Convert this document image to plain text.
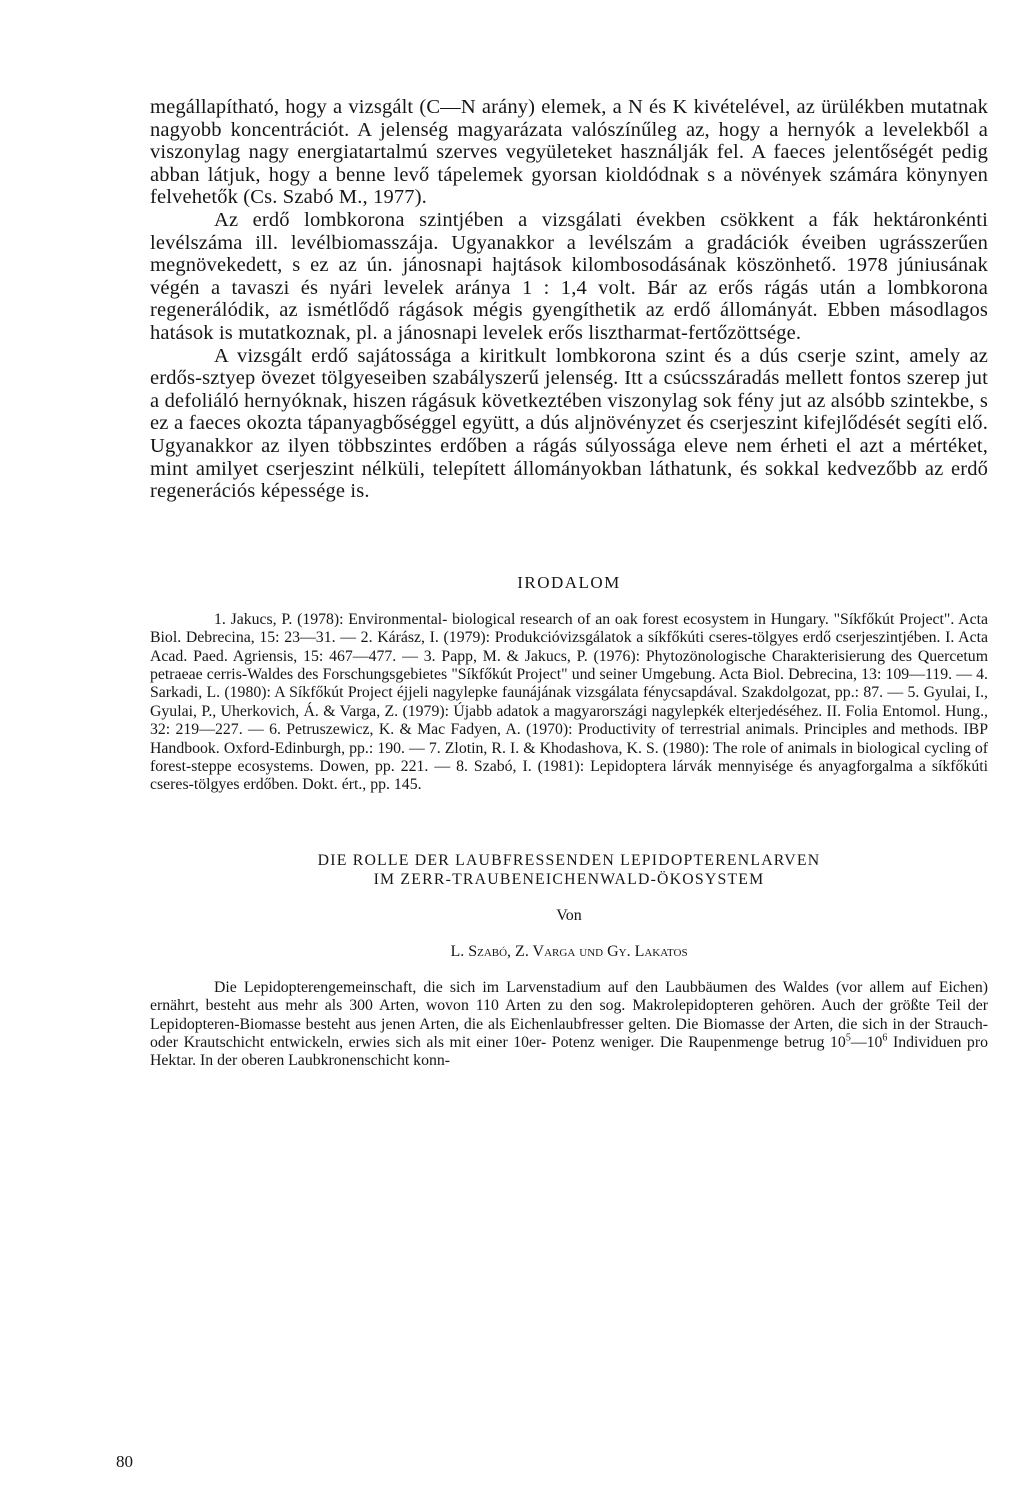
megállapítható, hogy a vizsgált (C—N arány) elemek, a N és K kivételével, az ürülékben mutatnak nagyobb koncentrációt. A jelenség magyarázata valószínűleg az, hogy a hernyók a levelekből a viszonylag nagy energiatartalmú szerves vegyületeket használják fel. A faeces jelentőségét pedig abban látjuk, hogy a benne levő tápelemek gyorsan kioldódnak s a növények számára könynyen felvehetők (Cs. Szabó M., 1977).

Az erdő lombkorona szintjében a vizsgálati években csökkent a fák hektáronkénti levélszáma ill. levélbiomasszája. Ugyanakkor a levélszám a gradációk éveiben ugrásszerűen megnövekedett, s ez az ún. jánosnapi hajtások kilombosodásának köszönhető. 1978 júniusának végén a tavaszi és nyári levelek aránya 1 : 1,4 volt. Bár az erős rágás után a lombkorona regenerálódik, az ismétlődő rágások mégis gyengíthetik az erdő állományát. Ebben másodlagos hatások is mutatkoznak, pl. a jánosnapi levelek erős lisztharmat-fertőzöttsége.

A vizsgált erdő sajátossága a kiritkult lombkorona szint és a dús cserje szint, amely az erdős-sztyep övezet tölgyeseiben szabályszerű jelenség. Itt a csúcsszáradás mellett fontos szerep jut a defoliáló hernyóknak, hiszen rágásuk következtében viszonylag sok fény jut az alsóbb szintekbe, s ez a faeces okozta tápanyagbőséggel együtt, a dús aljnövényzet és cserjeszint kifejlődését segíti elő. Ugyanakkor az ilyen többszintes erdőben a rágás súlyossága eleve nem érheti el azt a mértéket, mint amilyet cserjeszint nélküli, telepített állományokban láthatunk, és sokkal kedvezőbb az erdő regenerációs képessége is.

IRODALOM
1. Jakucs, P. (1978): Environmental- biological research of an oak forest ecosystem in Hungary. "Síkfőkút Project". Acta Biol. Debrecina, 15: 23—31. — 2. Kárász, I. (1979): Produkcióvizsgálatok a síkfőkúti cseres-tölgyes erdő cserjeszintjében. I. Acta Acad. Paed. Agriensis, 15: 467—477. — 3. Papp, M. & Jakucs, P. (1976): Phytozönologische Charakterisierung des Quercetum petraeae cerris-Waldes des Forschungsgebietes "Síkfőkút Project" und seiner Umgebung. Acta Biol. Debrecina, 13: 109—119. — 4. Sarkadi, L. (1980): A Síkfőkút Project éjjeli nagylepke faunájának vizsgálata fénycsapdával. Szakdolgozat, pp.: 87. — 5. Gyulai, I., Gyulai, P., Uherkovich, Á. & Varga, Z. (1979): Újabb adatok a magyarországi nagylepkék elterjedéséhez. II. Folia Entomol. Hung., 32: 219—227. — 6. Petruszewicz, K. & Mac Fadyen, A. (1970): Productivity of terrestrial animals. Principles and methods. IBP Handbook. Oxford-Edinburgh, pp.: 190. — 7. Zlotin, R. I. & Khodashova, K. S. (1980): The role of animals in biological cycling of forest-steppe ecosystems. Dowen, pp. 221. — 8. Szabó, I. (1981): Lepidoptera lárvák mennyisége és anyagforgalma a síkfőkúti cseres-tölgyes erdőben. Dokt. ért., pp. 145.
DIE ROLLE DER LAUBFRESSENDEN LEPIDOPTERENLARVEN
IM ZERR-TRAUBENEICHENWALD-ÖKOSYSTEM
Von
L. Szabó, Z. Varga und Gy. Lakatos
Die Lepidopterengemeinschaft, die sich im Larvenstadium auf den Laubbäumen des Waldes (vor allem auf Eichen) ernährt, besteht aus mehr als 300 Arten, wovon 110 Arten zu den sog. Makrolepidopteren gehören. Auch der größte Teil der Lepidopteren-Biomasse besteht aus jenen Arten, die als Eichenlaubfresser gelten. Die Biomasse der Arten, die sich in der Strauch- oder Krautschicht entwickeln, erwies sich als mit einer 10er- Potenz weniger. Die Raupenmenge betrug $10^5—10^6$ Individuen pro Hektar. In der oberen Laubkronenschicht konn-
80
